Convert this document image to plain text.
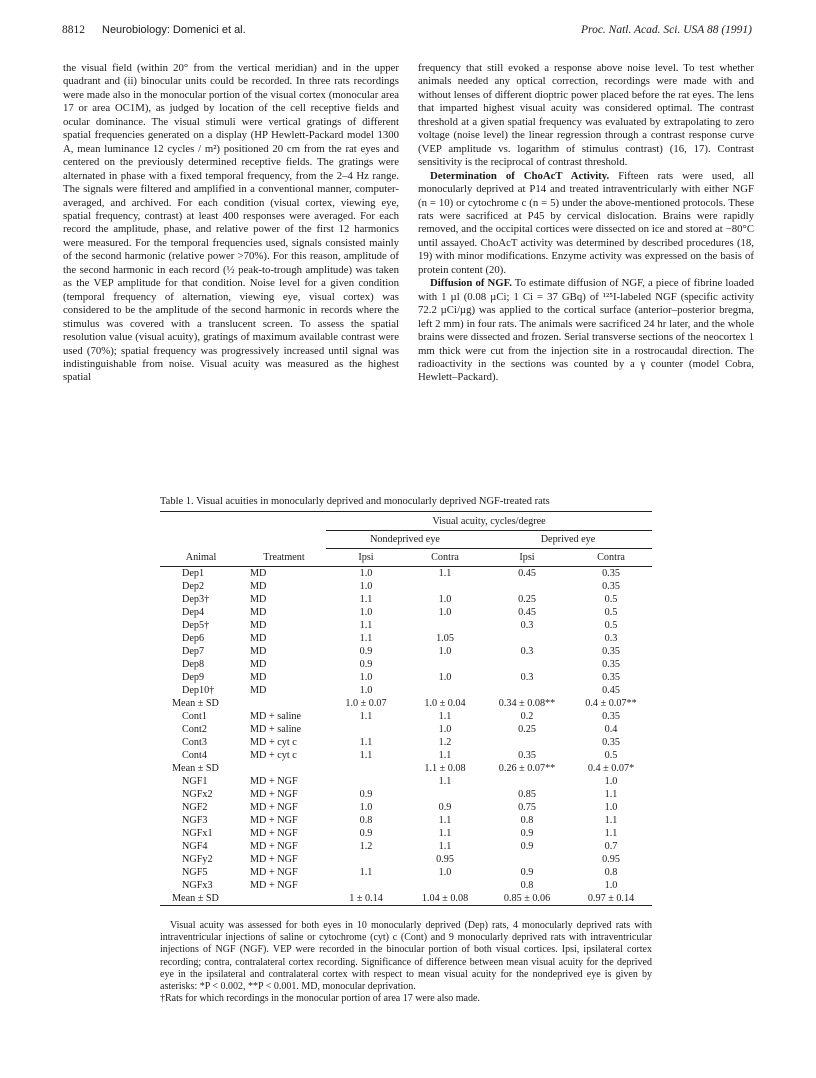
8812 Neurobiology: Domenici et al.	Proc. Natl. Acad. Sci. USA 88 (1991)

the visual field (within 20° from the vertical meridian) and in the upper quadrant and (ii) binocular units could be recorded. In three rats recordings were made also in the monocular portion of the visual cortex (monocular area 17 or area OC1M), as judged by location of the cell receptive fields and ocular dominance. The visual stimuli were vertical gratings of different spatial frequencies generated on a display (HP Hewlett-Packard model 1300 A, mean luminance 12 cycles / m²) positioned 20 cm from the rat eyes and centered on the previously determined receptive fields. The gratings were alternated in phase with a fixed temporal frequency, from the 2–4 Hz range. The signals were filtered and amplified in a conventional manner, computer-averaged, and archived. For each condition (visual cortex, viewing eye, spatial frequency, contrast) at least 400 responses were averaged. For each record the amplitude, phase, and relative power of the first 12 harmonics were measured. For the temporal frequencies used, signals consisted mainly of the second harmonic (relative power >70%). For this reason, amplitude of the second harmonic in each record (½ peak-to-trough amplitude) was taken as the VEP amplitude for that condition. Noise level for a given condition (temporal frequency of alternation, viewing eye, visual cortex) was considered to be the amplitude of the second harmonic in records where the stimulus was covered with a translucent screen. To assess the spatial resolution value (visual acuity), gratings of maximum available contrast were used (70%); spatial frequency was progressively increased until signal was indistinguishable from noise. Visual acuity was measured as the highest spatial

frequency that still evoked a response above noise level. To test whether animals needed any optical correction, recordings were made with and without lenses of different dioptric power placed before the rat eyes. The lens that imparted highest visual acuity was considered optimal. The contrast threshold at a given spatial frequency was evaluated by extrapolating to zero voltage (noise level) the linear regression through a contrast response curve (VEP amplitude vs. logarithm of stimulus contrast) (16, 17). Contrast sensitivity is the reciprocal of contrast threshold.

Determination of ChoAcT Activity. Fifteen rats were used, all monocularly deprived at P14 and treated intraventricularly with either NGF (n = 10) or cytochrome c (n = 5) under the above-mentioned protocols. These rats were sacrificed at P45 by cervical dislocation. Brains were rapidly removed, and the occipital cortices were dissected on ice and stored at −80°C until assayed. ChoAcT activity was determined by described procedures (18, 19) with minor modifications. Enzyme activity was expressed on the basis of protein content (20).

Diffusion of NGF. To estimate diffusion of NGF, a piece of fibrine loaded with 1 µl (0.08 µCi; 1 Ci = 37 GBq) of ¹²⁵I-labeled NGF (specific activity 72.2 µCi/µg) was applied to the cortical surface (anterior–posterior bregma, left 2 mm) in four rats. The animals were sacrificed 24 hr later, and the whole brains were dissected and frozen. Serial transverse sections of the neocortex 1 mm thick were cut from the injection site in a rostrocaudal direction. The radioactivity in the sections was counted by a γ counter (model Cobra, Hewlett–Packard).

Table 1. Visual acuities in monocularly deprived and monocularly deprived NGF-treated rats
		Visual acuity, cycles/degree			
		Nondeprived eye		Deprived eye	
Animal	Treatment	Ipsi	Contra	Ipsi	Contra
Dep1	MD	1.0	1.1	0.45	0.35
Dep2	MD	1.0			0.35
Dep3†	MD	1.1	1.0	0.25	0.5
Dep4	MD	1.0	1.0	0.45	0.5
Dep5†	MD	1.1		0.3	0.5
Dep6	MD	1.1	1.05		0.3
Dep7	MD	0.9	1.0	0.3	0.35
Dep8	MD	0.9			0.35
Dep9	MD	1.0	1.0	0.3	0.35
Dep10†	MD	1.0			0.45
Mean ± SD		1.0 ± 0.07	1.0 ± 0.04	0.34 ± 0.08**	0.4 ± 0.07**
Cont1	MD + saline	1.1	1.1	0.2	0.35
Cont2	MD + saline		1.0	0.25	0.4
Cont3	MD + cyt c	1.1	1.2		0.35
Cont4	MD + cyt c	1.1	1.1	0.35	0.5
Mean ± SD			1.1 ± 0.08	0.26 ± 0.07**	0.4 ± 0.07*
NGF1	MD + NGF		1.1		1.0
NGFx2	MD + NGF	0.9		0.85	1.1
NGF2	MD + NGF	1.0	0.9	0.75	1.0
NGF3	MD + NGF	0.8	1.1	0.8	1.1
NGFx1	MD + NGF	0.9	1.1	0.9	1.1
NGF4	MD + NGF	1.2	1.1	0.9	0.7
NGFy2	MD + NGF		0.95		0.95
NGF5	MD + NGF	1.1	1.0	0.9	0.8
NGFx3	MD + NGF			0.8	1.0
Mean ± SD		1 ± 0.14	1.04 ± 0.08	0.85 ± 0.06	0.97 ± 0.14

Visual acuity was assessed for both eyes in 10 monocularly deprived (Dep) rats, 4 monocularly deprived rats with intraventricular injections of saline or cytochrome (cyt) c (Cont) and 9 monocularly deprived rats with intraventricular injections of NGF (NGF). VEP were recorded in the binocular portion of both visual cortices. Ipsi, ipsilateral cortex recording; contra, contralateral cortex recording. Significance of difference between mean visual acuity for the deprived eye in the ipsilateral and contralateral cortex with respect to mean visual acuity for the nondeprived eye is given by asterisks: *P < 0.002, **P < 0.001. MD, monocular deprivation.

†Rats for which recordings in the monocular portion of area 17 were also made.
